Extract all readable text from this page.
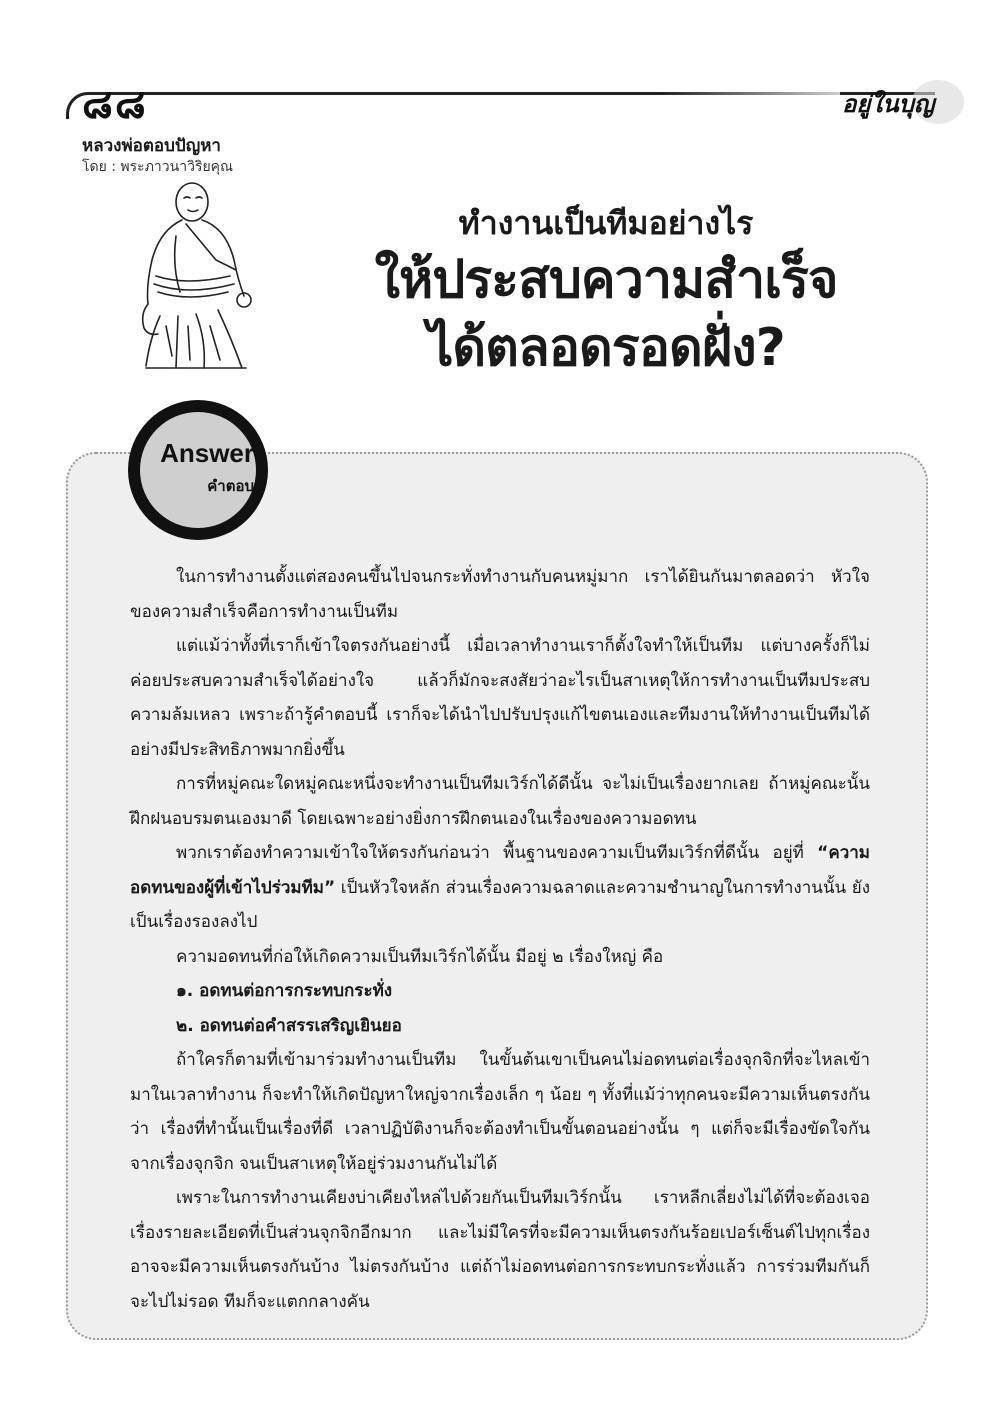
๘๘	อยู่ในบุญ
หลวงพ่อตอบปัญหา
โดย : พระภาวนาวิริยคุณ
ทำงานเป็นทีมอย่างไร
ให้ประสบความสำเร็จ
ได้ตลอดรอดฝั่ง?
Answer
คำตอบ

ในการทำงานตั้งแต่สองคนขึ้นไปจนกระทั่งทำงานกับคนหมู่มาก เราได้ยินกันมาตลอดว่า หัวใจของความสำเร็จคือการทำงานเป็นทีม

แต่แม้ว่าทั้งที่เราก็เข้าใจตรงกันอย่างนี้ เมื่อเวลาทำงานเราก็ตั้งใจทำให้เป็นทีม แต่บางครั้งก็ไม่ค่อยประสบความสำเร็จได้อย่างใจ แล้วก็มักจะสงสัยว่าอะไรเป็นสาเหตุให้การทำงานเป็นทีมประสบความล้มเหลว เพราะถ้ารู้คำตอบนี้ เราก็จะได้นำไปปรับปรุงแก้ไขตนเองและทีมงานให้ทำงานเป็นทีมได้อย่างมีประสิทธิภาพมากยิ่งขึ้น

การที่หมู่คณะใดหมู่คณะหนึ่งจะทำงานเป็นทีมเวิร์กได้ดีนั้น จะไม่เป็นเรื่องยากเลย ถ้าหมู่คณะนั้นฝึกฝนอบรมตนเองมาดี โดยเฉพาะอย่างยิ่งการฝึกตนเองในเรื่องของความอดทน

พวกเราต้องทำความเข้าใจให้ตรงกันก่อนว่า พื้นฐานของความเป็นทีมเวิร์กที่ดีนั้น อยู่ที่ “ความอดทนของผู้ที่เข้าไปร่วมทีม” เป็นหัวใจหลัก ส่วนเรื่องความฉลาดและความชำนาญในการทำงานนั้น ยังเป็นเรื่องรองลงไป

ความอดทนที่ก่อให้เกิดความเป็นทีมเวิร์กได้นั้น มีอยู่ ๒ เรื่องใหญ่ คือ

๑. อดทนต่อการกระทบกระทั่ง

๒. อดทนต่อคำสรรเสริญเยินยอ

ถ้าใครก็ตามที่เข้ามาร่วมทำงานเป็นทีม ในขั้นต้นเขาเป็นคนไม่อดทนต่อเรื่องจุกจิกที่จะไหลเข้ามาในเวลาทำงาน ก็จะทำให้เกิดปัญหาใหญ่จากเรื่องเล็ก ๆ น้อย ๆ ทั้งที่แม้ว่าทุกคนจะมีความเห็นตรงกันว่า เรื่องที่ทำนั้นเป็นเรื่องที่ดี เวลาปฏิบัติงานก็จะต้องทำเป็นขั้นตอนอย่างนั้น ๆ แต่ก็จะมีเรื่องขัดใจกันจากเรื่องจุกจิก จนเป็นสาเหตุให้อยู่ร่วมงานกันไม่ได้

เพราะในการทำงานเคียงบ่าเคียงไหล่ไปด้วยกันเป็นทีมเวิร์กนั้น เราหลีกเลี่ยงไม่ได้ที่จะต้องเจอเรื่องรายละเอียดที่เป็นส่วนจุกจิกอีกมาก และไม่มีใครที่จะมีความเห็นตรงกันร้อยเปอร์เซ็นต์ไปทุกเรื่อง อาจจะมีความเห็นตรงกันบ้าง ไม่ตรงกันบ้าง แต่ถ้าไม่อดทนต่อการกระทบกระทั่งแล้ว การร่วมทีมกันก็จะไปไม่รอด ทีมก็จะแตกกลางคัน
